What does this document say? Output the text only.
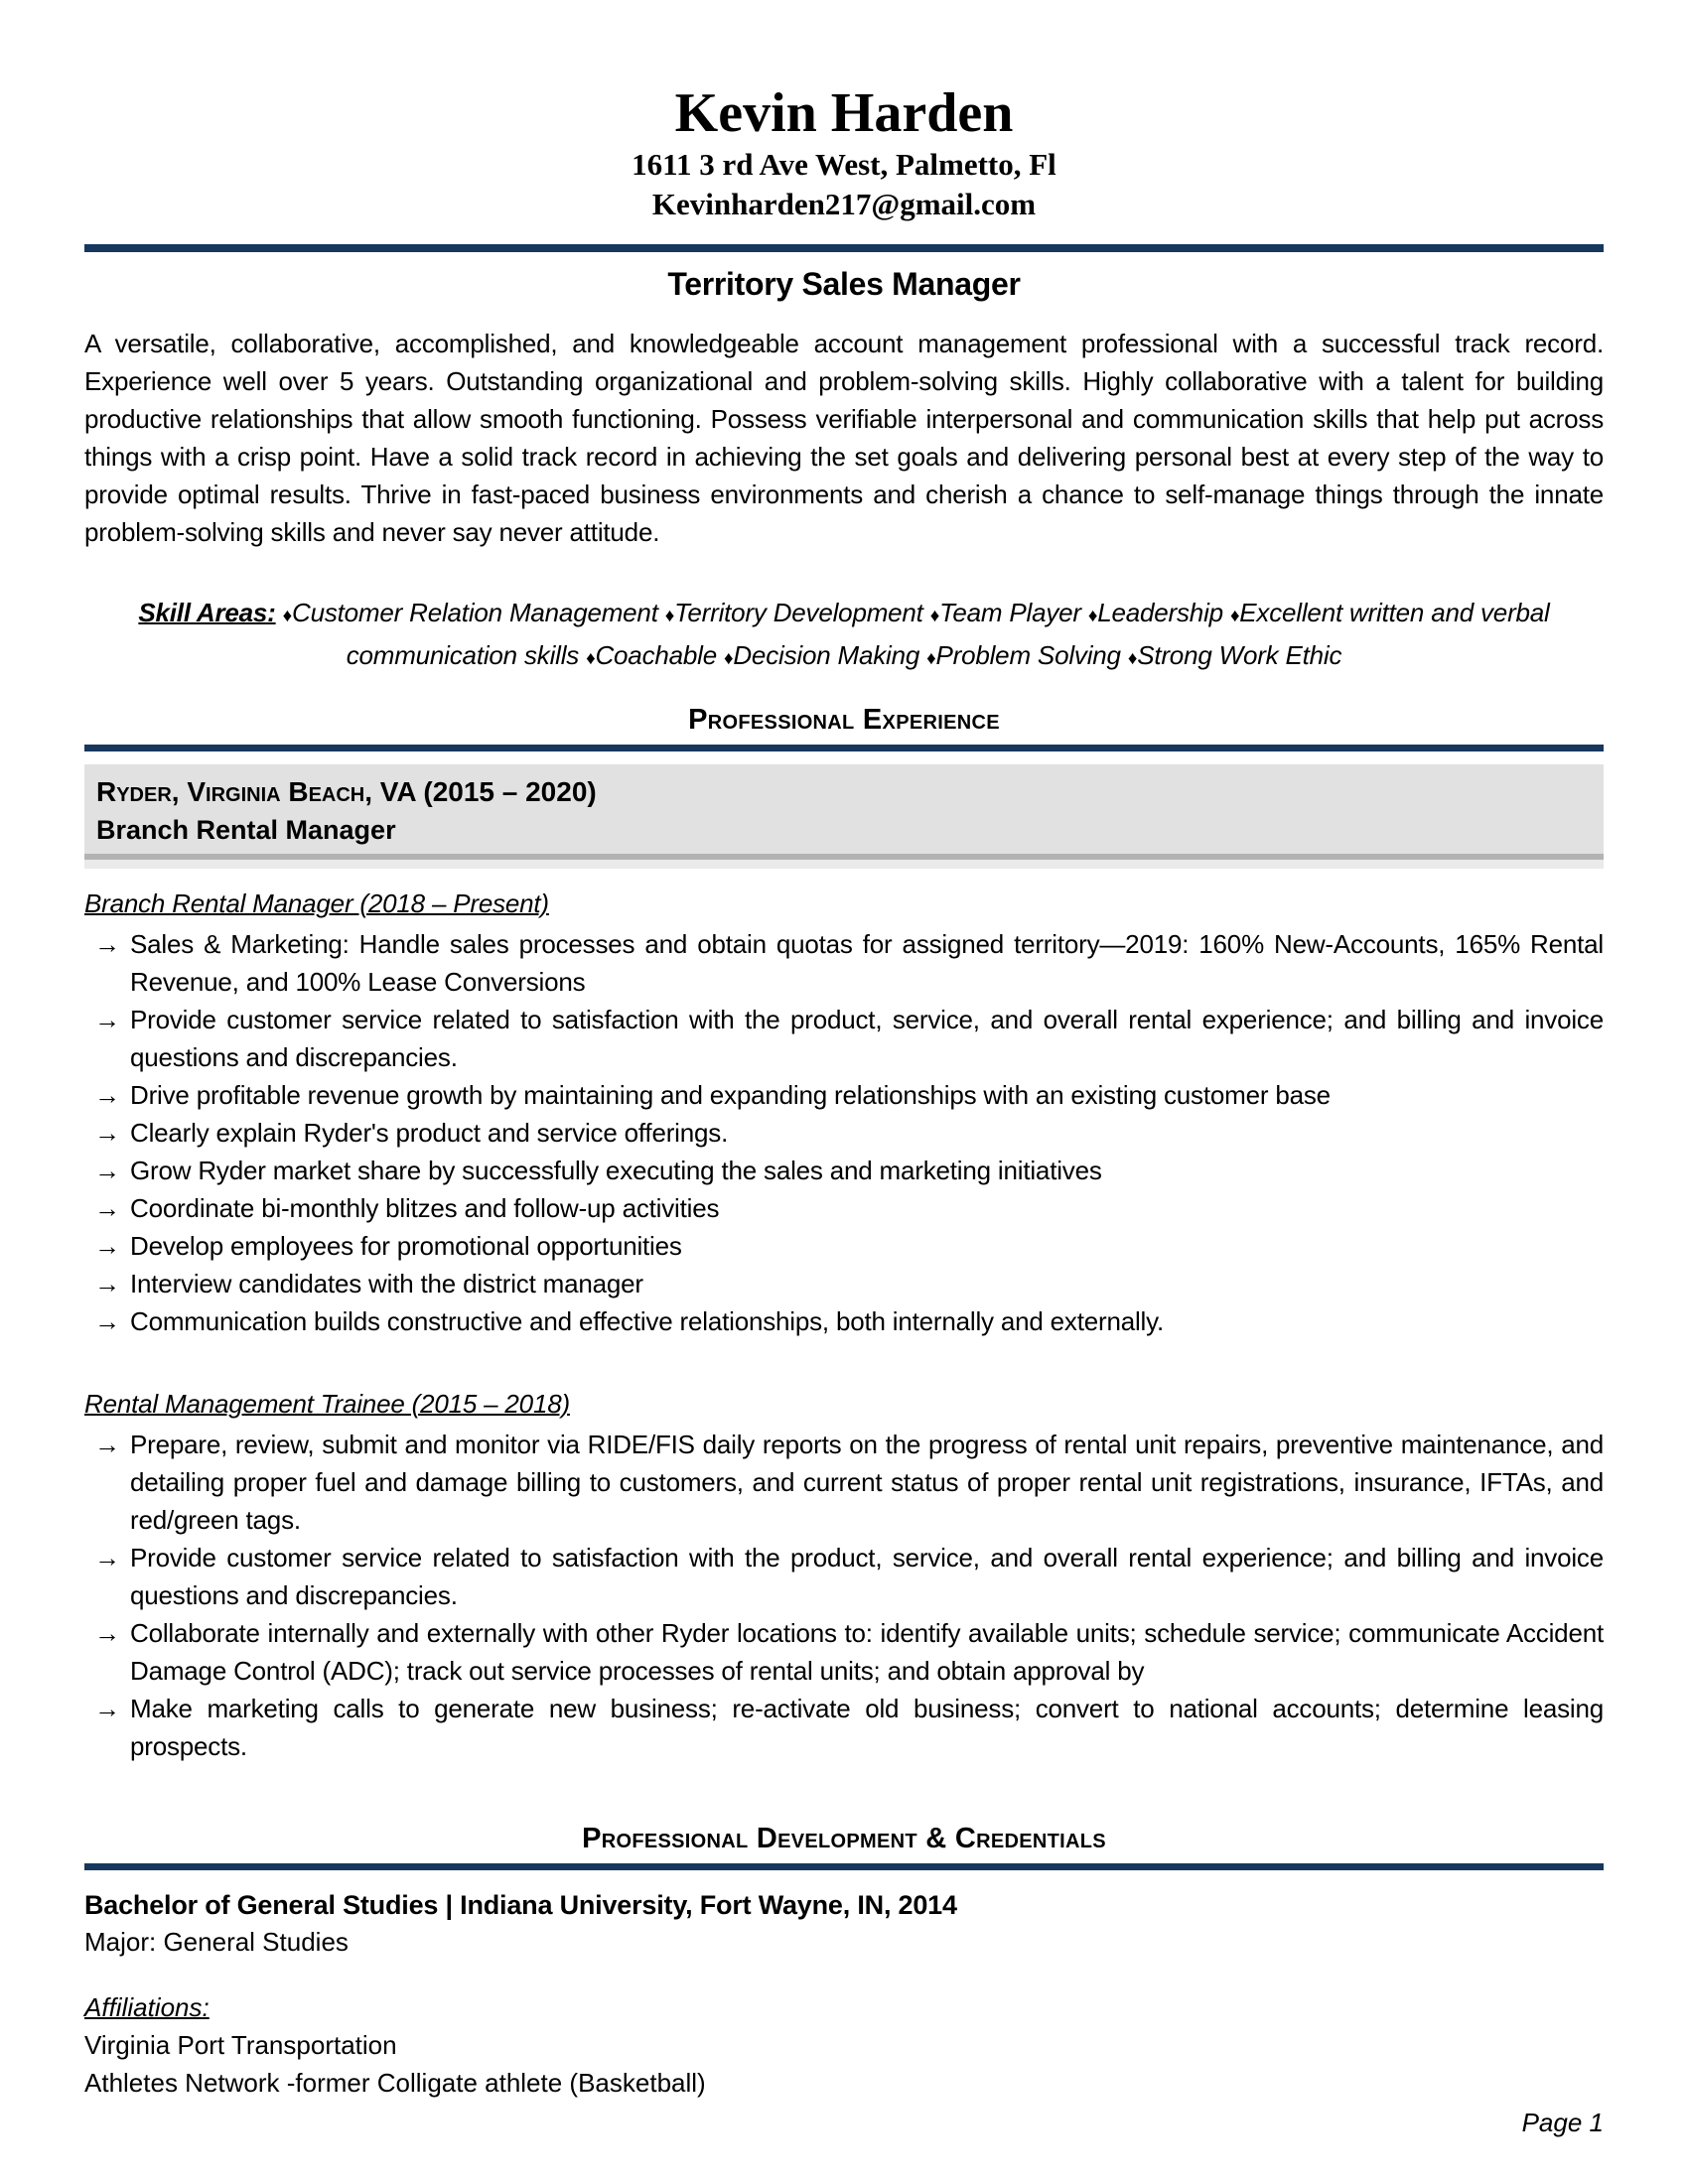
Kevin Harden
1611 3 rd Ave West, Palmetto, Fl
Kevinharden217@gmail.com
Territory Sales Manager
A versatile, collaborative, accomplished, and knowledgeable account management professional with a successful track record. Experience well over 5 years. Outstanding organizational and problem-solving skills. Highly collaborative with a talent for building productive relationships that allow smooth functioning. Possess verifiable interpersonal and communication skills that help put across things with a crisp point. Have a solid track record in achieving the set goals and delivering personal best at every step of the way to provide optimal results. Thrive in fast-paced business environments and cherish a chance to self-manage things through the innate problem-solving skills and never say never attitude.
Skill Areas: ♦Customer Relation Management ♦Territory Development ♦Team Player ♦Leadership ♦Excellent written and verbal communication skills ♦Coachable ♦Decision Making ♦Problem Solving ♦Strong Work Ethic
Professional Experience
Ryder, Virginia Beach, VA (2015 – 2020)
Branch Rental Manager
Branch Rental Manager (2018 – Present)
→ Sales & Marketing: Handle sales processes and obtain quotas for assigned territory—2019: 160% New-Accounts, 165% Rental Revenue, and 100% Lease Conversions
→ Provide customer service related to satisfaction with the product, service, and overall rental experience; and billing and invoice questions and discrepancies.
→ Drive profitable revenue growth by maintaining and expanding relationships with an existing customer base
→ Clearly explain Ryder's product and service offerings.
→ Grow Ryder market share by successfully executing the sales and marketing initiatives
→ Coordinate bi-monthly blitzes and follow-up activities
→ Develop employees for promotional opportunities
→ Interview candidates with the district manager
→ Communication builds constructive and effective relationships, both internally and externally.
Rental Management Trainee (2015 – 2018)
→ Prepare, review, submit and monitor via RIDE/FIS daily reports on the progress of rental unit repairs, preventive maintenance, and detailing proper fuel and damage billing to customers, and current status of proper rental unit registrations, insurance, IFTAs, and red/green tags.
→ Provide customer service related to satisfaction with the product, service, and overall rental experience; and billing and invoice questions and discrepancies.
→ Collaborate internally and externally with other Ryder locations to: identify available units; schedule service; communicate Accident Damage Control (ADC); track out service processes of rental units; and obtain approval by
→ Make marketing calls to generate new business; re-activate old business; convert to national accounts; determine leasing prospects.
Professional Development & Credentials
Bachelor of General Studies | Indiana University, Fort Wayne, IN, 2014
Major: General Studies
Affiliations:
Virginia Port Transportation
Athletes Network -former Colligate athlete (Basketball)
Page 1
